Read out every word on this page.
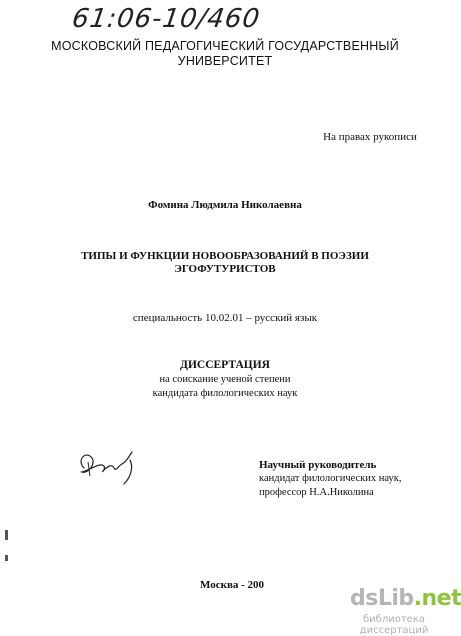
61:06-10/460
МОСКОВСКИЙ ПЕДАГОГИЧЕСКИЙ ГОСУДАРСТВЕННЫЙ
УНИВЕРСИТЕТ
На правах рукописи
Фомина Людмила Николаевна
ТИПЫ И ФУНКЦИИ НОВООБРАЗОВАНИЙ В ПОЭЗИИ
ЭГОФУТУРИСТОВ
специальность 10.02.01 – русский язык
ДИССЕРТАЦИЯ
на соискание ученой степени
кандидата филологических наук
Научный руководитель
кандидат филологических наук,
профессор Н.А.Николина
Москва - 200
dsLib.net
библиотека диссертаций
